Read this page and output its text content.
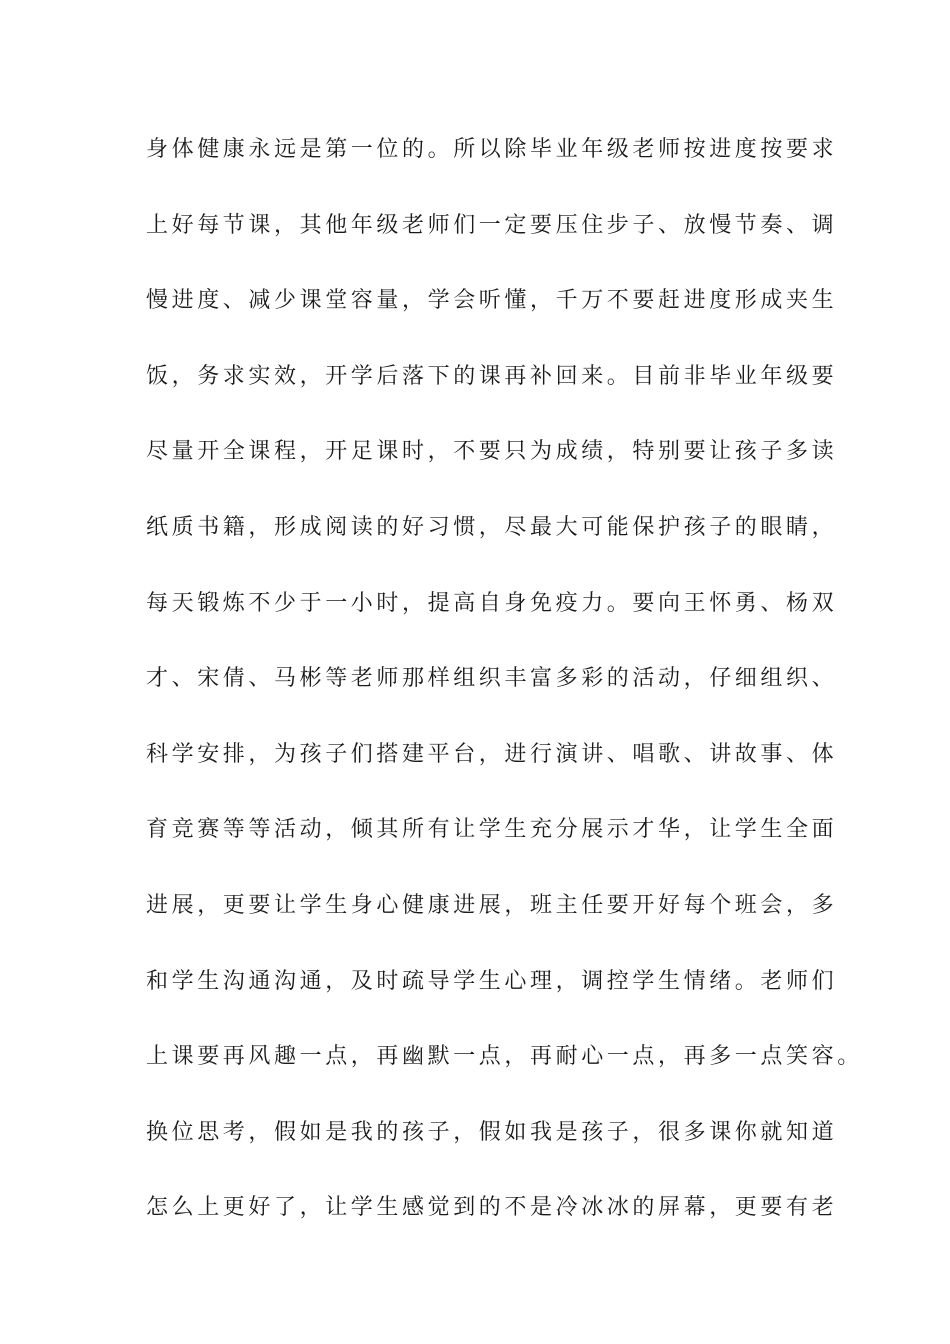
身体健康永远是第一位的。所以除毕业年级老师按进度按要求
上好每节课，其他年级老师们一定要压住步子、放慢节奏、调
慢进度、减少课堂容量，学会听懂，千万不要赶进度形成夹生
饭，务求实效，开学后落下的课再补回来。目前非毕业年级要
尽量开全课程，开足课时，不要只为成绩，特别要让孩子多读
纸质书籍，形成阅读的好习惯，尽最大可能保护孩子的眼睛，
每天锻炼不少于一小时，提高自身免疫力。要向王怀勇、杨双
才、宋倩、马彬等老师那样组织丰富多彩的活动，仔细组织、
科学安排，为孩子们搭建平台，进行演讲、唱歌、讲故事、体
育竞赛等等活动，倾其所有让学生充分展示才华，让学生全面
进展，更要让学生身心健康进展，班主任要开好每个班会，多
和学生沟通沟通，及时疏导学生心理，调控学生情绪。老师们
上课要再风趣一点，再幽默一点，再耐心一点，再多一点笑容。
换位思考，假如是我的孩子，假如我是孩子，很多课你就知道
怎么上更好了，让学生感觉到的不是冷冰冰的屏幕，更要有老
